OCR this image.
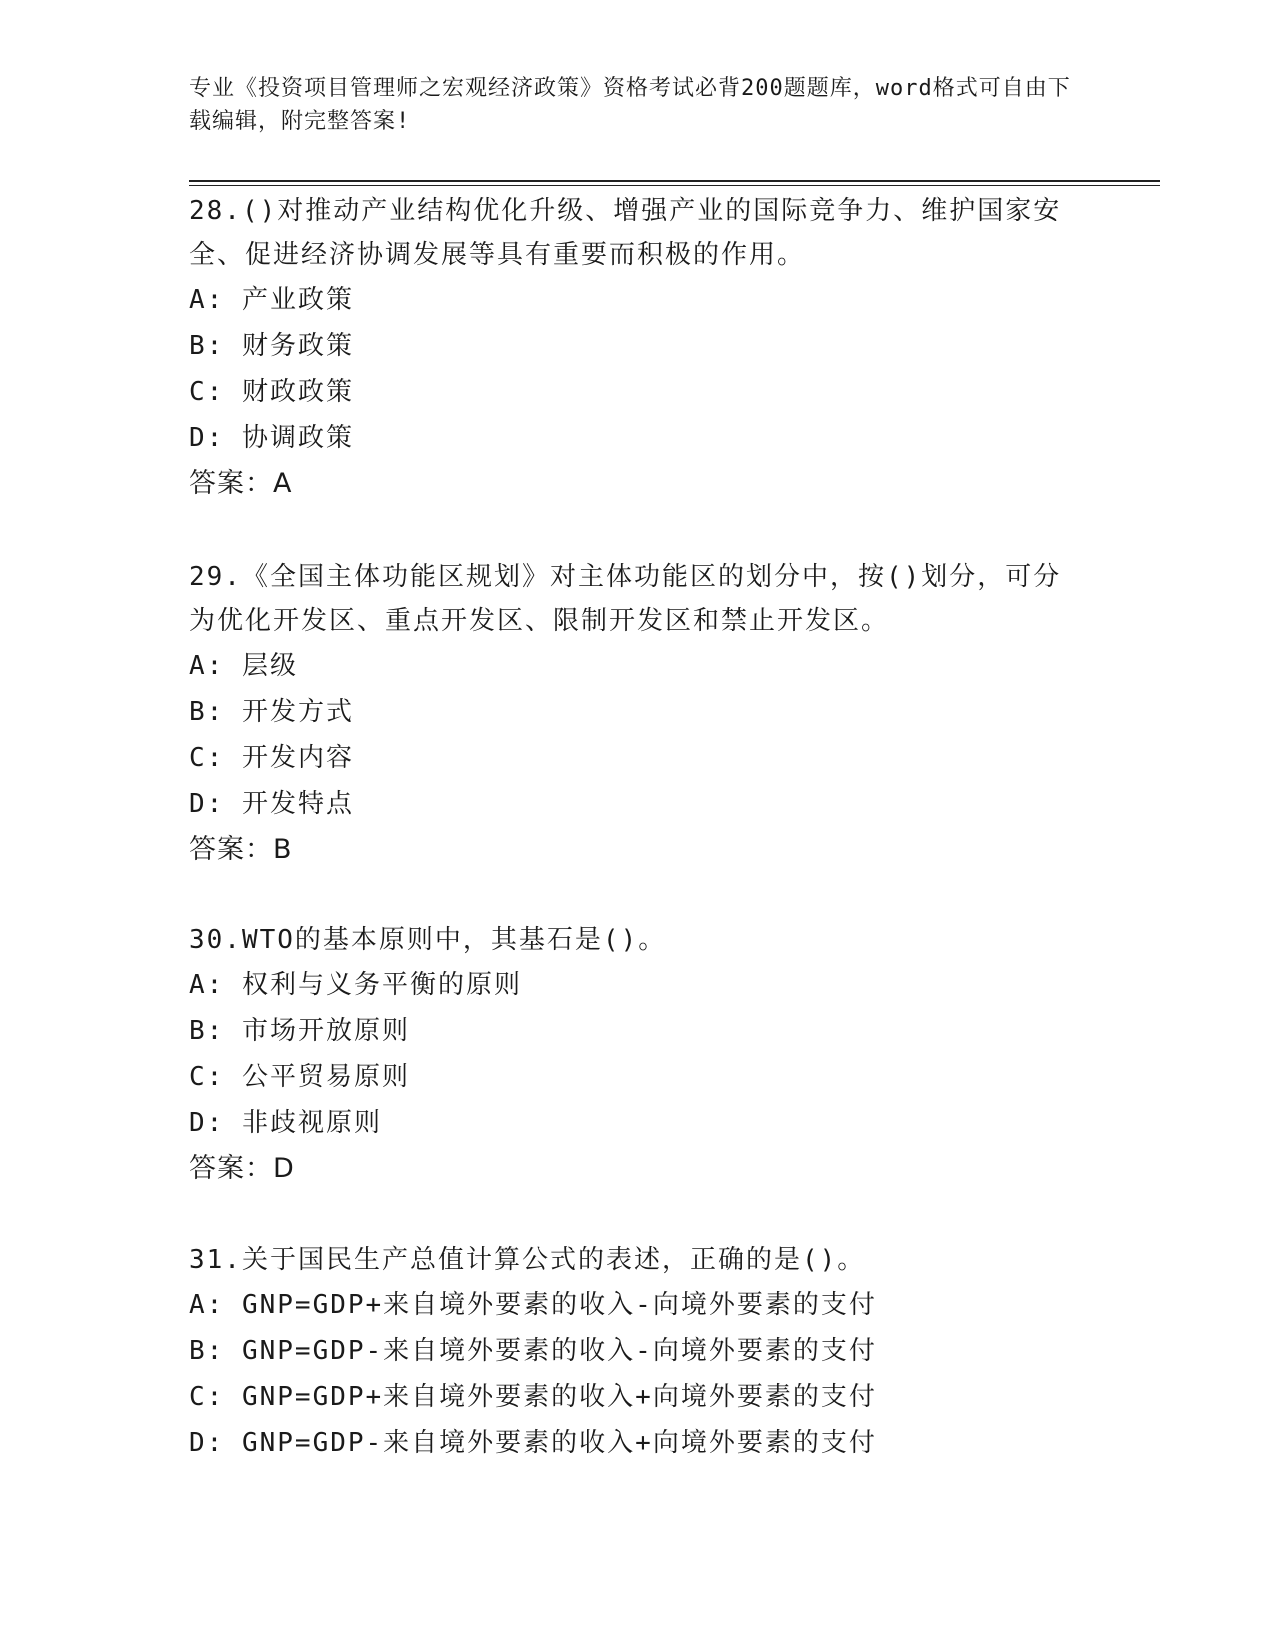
专业《投资项目管理师之宏观经济政策》资格考试必背200题题库，word格式可自由下载编辑，附完整答案!

28.()对推动产业结构优化升级、增强产业的国际竞争力、维护国家安全、促进经济协调发展等具有重要而积极的作用。

A: 产业政策

B: 财务政策

C: 财政政策

D: 协调政策

答案：A

29.《全国主体功能区规划》对主体功能区的划分中，按()划分，可分为优化开发区、重点开发区、限制开发区和禁止开发区。

A: 层级

B: 开发方式

C: 开发内容

D: 开发特点

答案：B

30.WTO的基本原则中，其基石是()。

A: 权利与义务平衡的原则

B: 市场开放原则

C: 公平贸易原则

D: 非歧视原则

答案：D

31.关于国民生产总值计算公式的表述，正确的是()。

A: GNP=GDP+来自境外要素的收入-向境外要素的支付

B: GNP=GDP-来自境外要素的收入-向境外要素的支付

C: GNP=GDP+来自境外要素的收入+向境外要素的支付

D: GNP=GDP-来自境外要素的收入+向境外要素的支付
